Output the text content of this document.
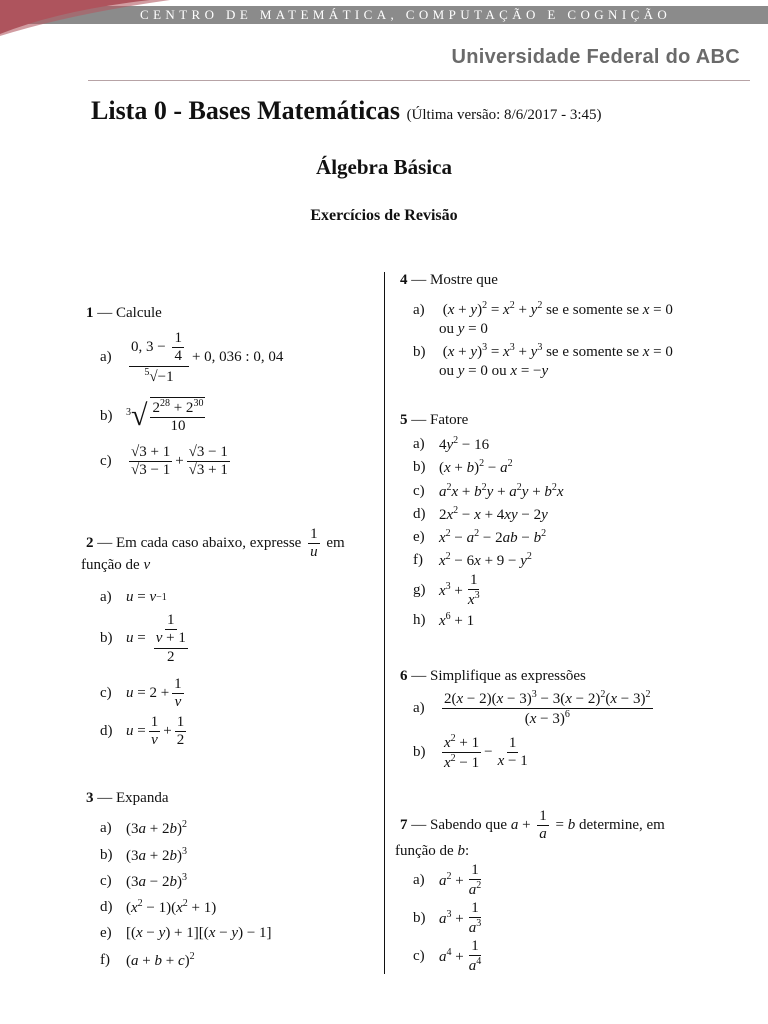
CENTRO DE MATEMÁTICA, COMPUTAÇÃO E COGNIÇÃO
Universidade Federal do ABC
Lista 0 - Bases Matemáticas (Última versão: 8/6/2017 - 3:45)
Álgebra Básica
Exercícios de Revisão
1 — Calcule
a)	$\frac{0, 3 - \frac{1}{4}}{^5√-1} + 0$, 036 : 0, 04
b)	$^3$ √ $\frac{2^{28} + 2^{30}}{10}$
c)	$\frac{√3 + 1}{√3 - 1} + \frac{√3 - 1}{√3 + 1}$
2 — Em cada caso abaixo, expresse $\frac{1}{u}$ em
função de v
a) u = v −1
b) $u = \frac{1}{\frac{v + 1}{2}}$
c) $u = 2 + \frac{1}{v}$
d) $u = \frac{1}{v} + \frac{1}{2}$
3 — Expanda
a) $(3a + 2b)^2$
b) $(3a + 2b)^3$
c) $(3a - 2b)^3$
d) $(x^2 - 1)(x^2 + 1)$
e) [(x − y) + 1][(x − y) − 1]
f)	$(a + b + c)^2$
4 — Mostre que
a) $(x + y)^2 = x^2 + y^2$ se e somente se x = 0
ou y = 0
b) $(x + y)^3 = x^3 + y^3$ se e somente se x = 0
ou y = 0 ou x = −y
5 — Fatore
a) $4y^2 - 16$
b) $(x + b)^2 - a^2$
c) $a^2x + b^2y + a^2y + b^2x$
d) $2x^2 - x + 4xy - 2y$
e) $x^2 - a^2 - 2ab - b^2$
f)	$x^2 - 6x + 9 - y^2$
g) $x^3 + \frac{1}{x^3}$
h) $x^6 + 1$
6 — Simplifique as expressões
a)	$\frac{2(x - 2)(x - 3)^3 - 3(x - 2)^2(x - 3)^2}{(x - 3)^6}$
b)	$\frac{x^2 + 1}{x^2 - 1} - \frac{1}{x - 1}$
7 — Sabendo que $a + \frac{1}{a} = b$ determine, em
função de b:
a) $a^2 + \frac{1}{a^2}$
b) $a^3 + \frac{1}{a^3}$
c) $a^4 + \frac{1}{a^4}$
